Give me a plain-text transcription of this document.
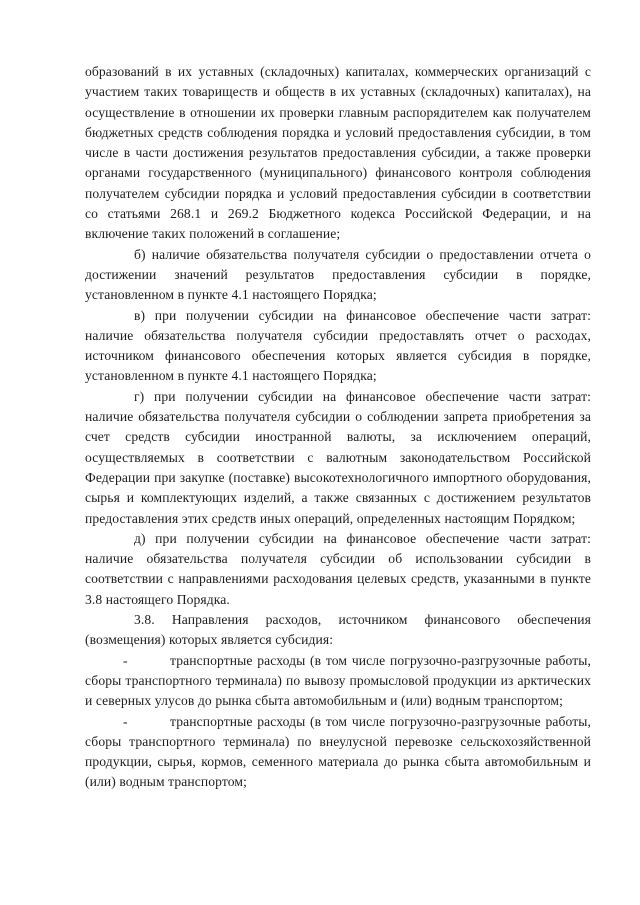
образований в их уставных (складочных) капиталах, коммерческих организаций с участием таких товариществ и обществ в их уставных (складочных) капиталах), на осуществление в отношении их проверки главным распорядителем как получателем бюджетных средств соблюдения порядка и условий предоставления субсидии, в том числе в части достижения результатов предоставления субсидии, а также проверки органами государственного (муниципального) финансового контроля соблюдения получателем субсидии порядка и условий предоставления субсидии в соответствии со статьями 268.1 и 269.2 Бюджетного кодекса Российской Федерации, и на включение таких положений в соглашение;

б) наличие обязательства получателя субсидии о предоставлении отчета о достижении значений результатов предоставления субсидии в порядке, установленном в пункте 4.1 настоящего Порядка;

в) при получении субсидии на финансовое обеспечение части затрат: наличие обязательства получателя субсидии предоставлять отчет о расходах, источником финансового обеспечения которых является субсидия в порядке, установленном в пункте 4.1 настоящего Порядка;

г) при получении субсидии на финансовое обеспечение части затрат: наличие обязательства получателя субсидии о соблюдении запрета приобретения за счет средств субсидии иностранной валюты, за исключением операций, осуществляемых в соответствии с валютным законодательством Российской Федерации при закупке (поставке) высокотехнологичного импортного оборудования, сырья и комплектующих изделий, а также связанных с достижением результатов предоставления этих средств иных операций, определенных настоящим Порядком;

д) при получении субсидии на финансовое обеспечение части затрат: наличие обязательства получателя субсидии об использовании субсидии в соответствии с направлениями расходования целевых средств, указанными в пункте 3.8 настоящего Порядка.

3.8. Направления расходов, источником финансового обеспечения (возмещения) которых является субсидия:

-	транспортные расходы (в том числе погрузочно-разгрузочные работы, сборы транспортного терминала) по вывозу промысловой продукции из арктических и северных улусов до рынка сбыта автомобильным и (или) водным транспортом;

-	транспортные расходы (в том числе погрузочно-разгрузочные работы, сборы транспортного терминала) по внеулусной перевозке сельскохозяйственной продукции, сырья, кормов, семенного материала до рынка сбыта автомобильным и (или) водным транспортом;
